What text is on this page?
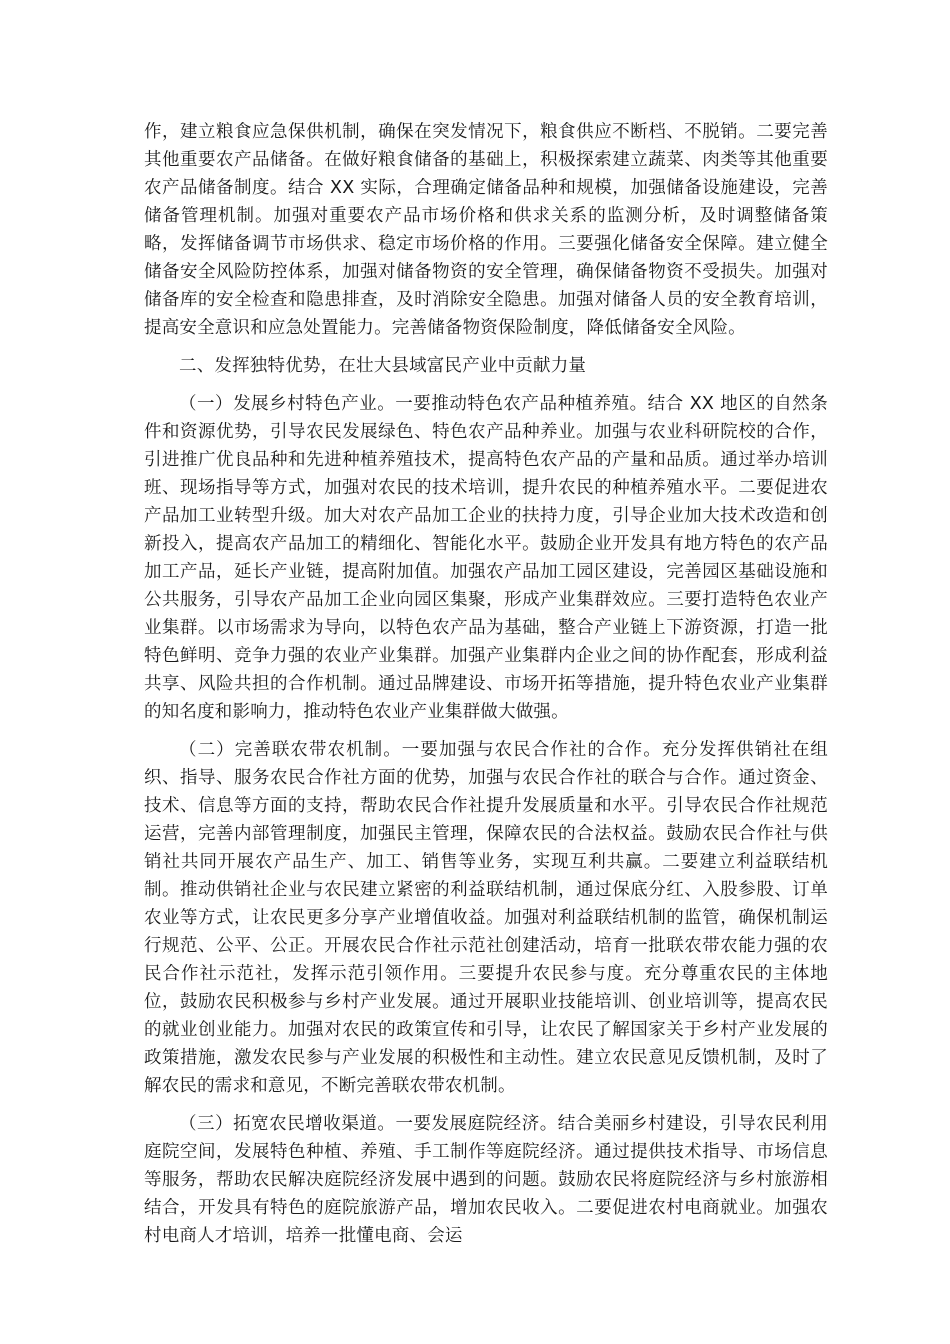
作，建立粮食应急保供机制，确保在突发情况下，粮食供应不断档、不脱销。二要完善其他重要农产品储备。在做好粮食储备的基础上，积极探索建立蔬菜、肉类等其他重要农产品储备制度。结合 XX 实际，合理确定储备品种和规模，加强储备设施建设，完善储备管理机制。加强对重要农产品市场价格和供求关系的监测分析，及时调整储备策略，发挥储备调节市场供求、稳定市场价格的作用。三要强化储备安全保障。建立健全储备安全风险防控体系，加强对储备物资的安全管理，确保储备物资不受损失。加强对储备库的安全检查和隐患排查，及时消除安全隐患。加强对储备人员的安全教育培训，提高安全意识和应急处置能力。完善储备物资保险制度，降低储备安全风险。

二、发挥独特优势，在壮大县域富民产业中贡献力量

（一）发展乡村特色产业。一要推动特色农产品种植养殖。结合 XX 地区的自然条件和资源优势，引导农民发展绿色、特色农产品种养业。加强与农业科研院校的合作，引进推广优良品种和先进种植养殖技术，提高特色农产品的产量和品质。通过举办培训班、现场指导等方式，加强对农民的技术培训，提升农民的种植养殖水平。二要促进农产品加工业转型升级。加大对农产品加工企业的扶持力度，引导企业加大技术改造和创新投入，提高农产品加工的精细化、智能化水平。鼓励企业开发具有地方特色的农产品加工产品，延长产业链，提高附加值。加强农产品加工园区建设，完善园区基础设施和公共服务，引导农产品加工企业向园区集聚，形成产业集群效应。三要打造特色农业产业集群。以市场需求为导向，以特色农产品为基础，整合产业链上下游资源，打造一批特色鲜明、竞争力强的农业产业集群。加强产业集群内企业之间的协作配套，形成利益共享、风险共担的合作机制。通过品牌建设、市场开拓等措施，提升特色农业产业集群的知名度和影响力，推动特色农业产业集群做大做强。

（二）完善联农带农机制。一要加强与农民合作社的合作。充分发挥供销社在组织、指导、服务农民合作社方面的优势，加强与农民合作社的联合与合作。通过资金、技术、信息等方面的支持，帮助农民合作社提升发展质量和水平。引导农民合作社规范运营，完善内部管理制度，加强民主管理，保障农民的合法权益。鼓励农民合作社与供销社共同开展农产品生产、加工、销售等业务，实现互利共赢。二要建立利益联结机制。推动供销社企业与农民建立紧密的利益联结机制，通过保底分红、入股参股、订单农业等方式，让农民更多分享产业增值收益。加强对利益联结机制的监管，确保机制运行规范、公平、公正。开展农民合作社示范社创建活动，培育一批联农带农能力强的农民合作社示范社，发挥示范引领作用。三要提升农民参与度。充分尊重农民的主体地位，鼓励农民积极参与乡村产业发展。通过开展职业技能培训、创业培训等，提高农民的就业创业能力。加强对农民的政策宣传和引导，让农民了解国家关于乡村产业发展的政策措施，激发农民参与产业发展的积极性和主动性。建立农民意见反馈机制，及时了解农民的需求和意见，不断完善联农带农机制。

（三）拓宽农民增收渠道。一要发展庭院经济。结合美丽乡村建设，引导农民利用庭院空间，发展特色种植、养殖、手工制作等庭院经济。通过提供技术指导、市场信息等服务，帮助农民解决庭院经济发展中遇到的问题。鼓励农民将庭院经济与乡村旅游相结合，开发具有特色的庭院旅游产品，增加农民收入。二要促进农村电商就业。加强农村电商人才培训，培养一批懂电商、会运
